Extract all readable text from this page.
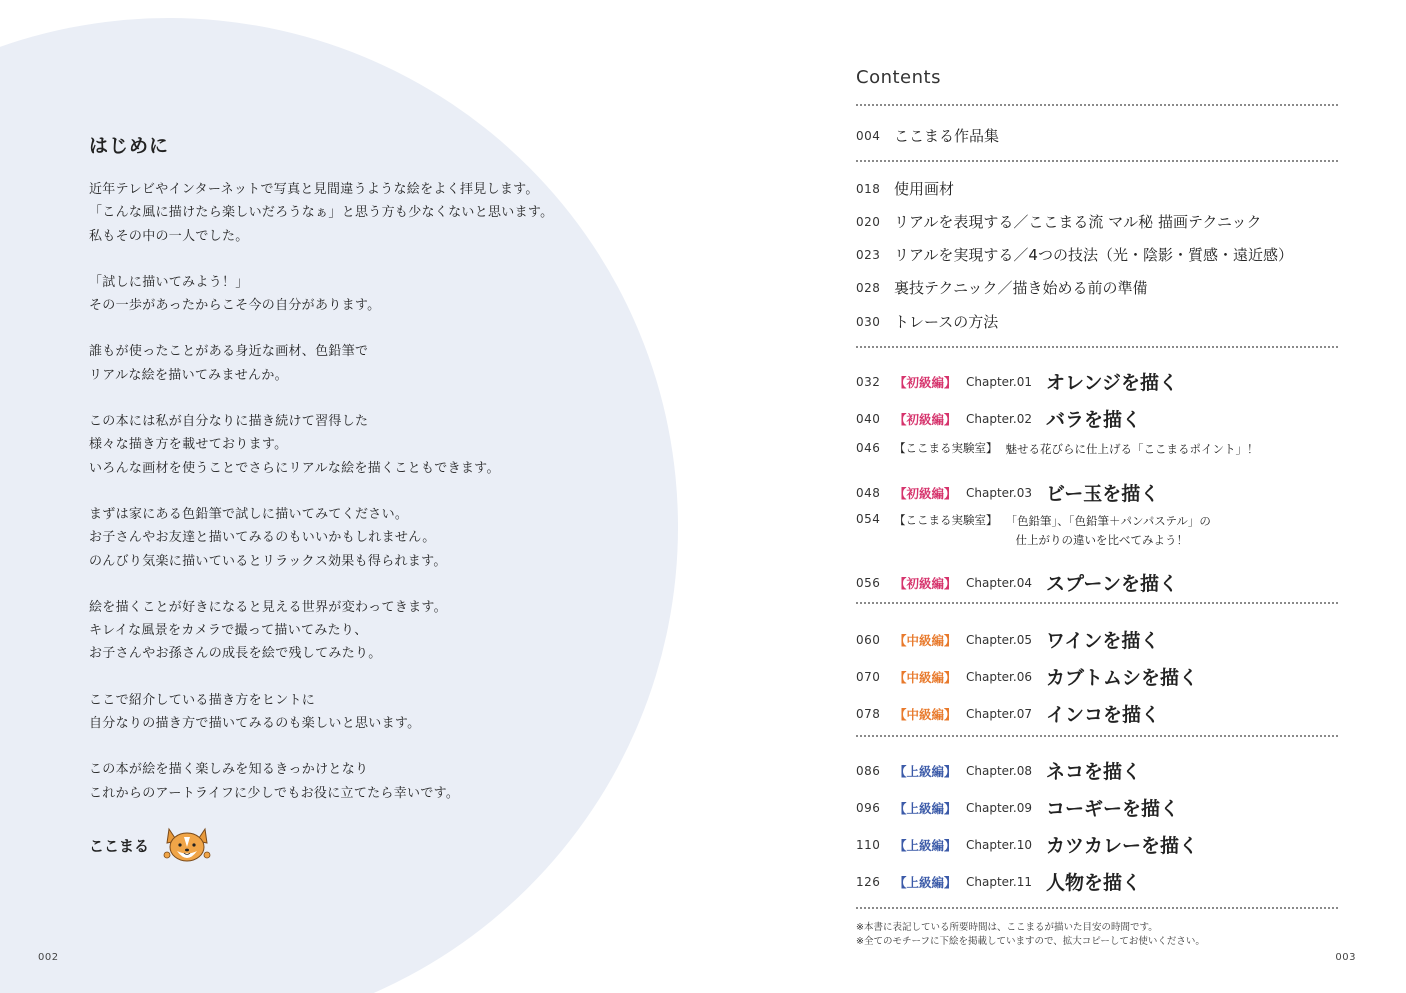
はじめに
近年テレビやインターネットで写真と見間違うような絵をよく拝見します。
「こんな風に描けたら楽しいだろうなぁ」と思う方も少なくないと思います。
私もその中の一人でした。
「試しに描いてみよう！」
その一歩があったからこそ今の自分があります。
誰もが使ったことがある身近な画材、色鉛筆で
リアルな絵を描いてみませんか。
この本には私が自分なりに描き続けて習得した
様々な描き方を載せております。
いろんな画材を使うことでさらにリアルな絵を描くこともできます。
まずは家にある色鉛筆で試しに描いてみてください。
お子さんやお友達と描いてみるのもいいかもしれません。
のんびり気楽に描いているとリラックス効果も得られます。
絵を描くことが好きになると見える世界が変わってきます。
キレイな風景をカメラで撮って描いてみたり、
お子さんやお孫さんの成長を絵で残してみたり。
ここで紹介している描き方をヒントに
自分なりの描き方で描いてみるのも楽しいと思います。
この本が絵を描く楽しみを知るきっかけとなり
これからのアートライフに少しでもお役に立てたら幸いです。
ここまる
002
Contents
004 ここまる作品集
018 使用画材
020 リアルを表現する／ここまる流 マル秘 描画テクニック
023 リアルを実現する／4つの技法（光・陰影・質感・遠近感）
028 裏技テクニック／描き始める前の準備
030 トレースの方法
032	【初級編】 Chapter.01 オレンジを描く
040	【初級編】 Chapter.02 バラを描く
046	【ここまる実験室】 魅せる花びらに仕上げる「ここまるポイント」！
048	【初級編】 Chapter.03 ビー玉を描く
054	【ここまる実験室】 「色鉛筆」、「色鉛筆＋パンパステル」の
仕上がりの違いを比べてみよう！
056	【初級編】 Chapter.04 スプーンを描く
060	【中級編】 Chapter.05 ワインを描く
070	【中級編】 Chapter.06 カブトムシを描く
078	【中級編】 Chapter.07 インコを描く
086	【上級編】 Chapter.08 ネコを描く
096	【上級編】 Chapter.09 コーギーを描く
110	【上級編】 Chapter.10 カツカレーを描く
126	【上級編】 Chapter.11 人物を描く
※本書に表記している所要時間は、ここまるが描いた目安の時間です。
※全てのモチーフに下絵を掲載していますので、拡大コピーしてお使いください。
003
